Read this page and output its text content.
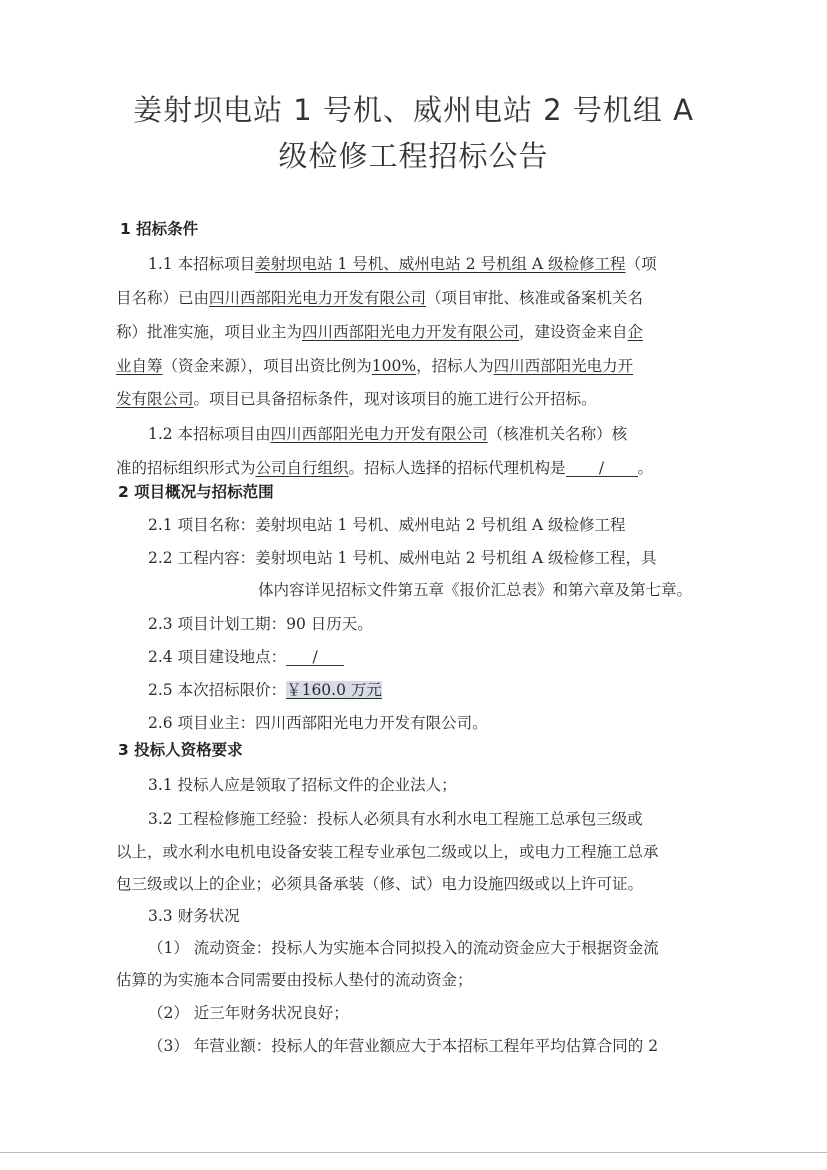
姜射坝电站 1 号机、威州电站 2 号机组 A
级检修工程招标公告
1 招标条件
1.1 本招标项目姜射坝电站 1 号机、威州电站 2 号机组 A 级检修工程（项
目名称）已由四川西部阳光电力开发有限公司（项目审批、核准或备案机关名
称）批准实施，项目业主为四川西部阳光电力开发有限公司，建设资金来自企
业自筹（资金来源），项目出资比例为100%，招标人为四川西部阳光电力开
发有限公司。项目已具备招标条件，现对该项目的施工进行公开招标。
1.2 本招标项目由四川西部阳光电力开发有限公司（核准机关名称）核
准的招标组织形式为公司自行组织。招标人选择的招标代理机构是 / 。
2 项目概况与招标范围
2.1 项目名称：姜射坝电站 1 号机、威州电站 2 号机组 A 级检修工程
2.2 工程内容：姜射坝电站 1 号机、威州电站 2 号机组 A 级检修工程，具
体内容详见招标文件第五章《报价汇总表》和第六章及第七章。
2.3 项目计划工期：90 日历天。
2.4 项目建设地点： /
2.5 本次招标限价：￥160.0 万元
2.6 项目业主：四川西部阳光电力开发有限公司。
3 投标人资格要求
3.1 投标人应是领取了招标文件的企业法人；
3.2 工程检修施工经验：投标人必须具有水利水电工程施工总承包三级或
以上，或水利水电机电设备安装工程专业承包二级或以上，或电力工程施工总承
包三级或以上的企业；必须具备承装（修、试）电力设施四级或以上许可证。
3.3 财务状况
（1） 流动资金：投标人为实施本合同拟投入的流动资金应大于根据资金流
估算的为实施本合同需要由投标人垫付的流动资金；
（2） 近三年财务状况良好；
（3） 年营业额：投标人的年营业额应大于本招标工程年平均估算合同的 2
